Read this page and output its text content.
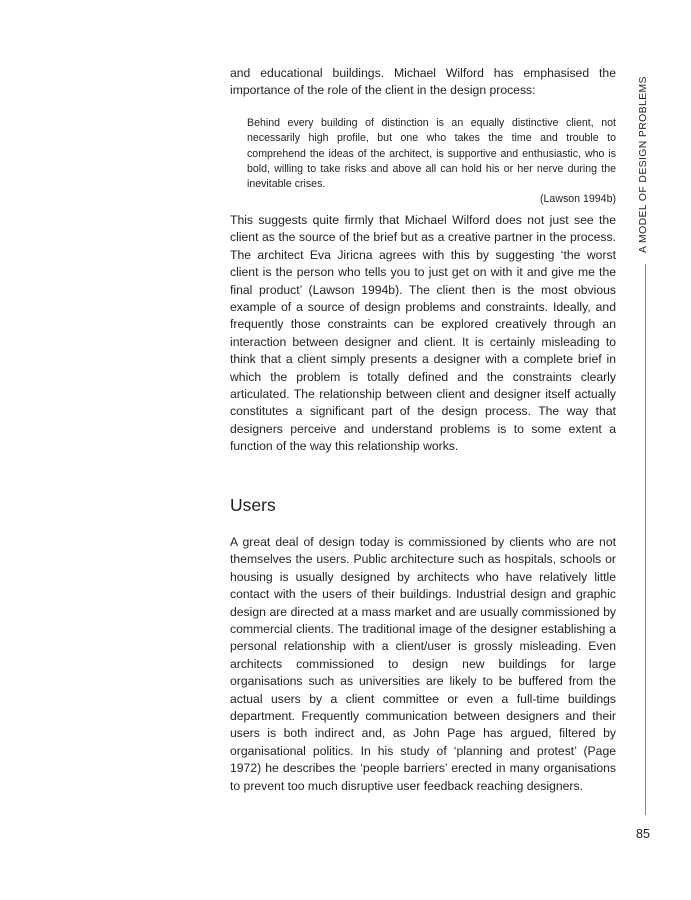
and educational buildings. Michael Wilford has emphasised the importance of the role of the client in the design process:

Behind every building of distinction is an equally distinctive client, not necessarily high profile, but one who takes the time and trouble to comprehend the ideas of the architect, is supportive and enthusiastic, who is bold, willing to take risks and above all can hold his or her nerve during the inevitable crises.

(Lawson 1994b)

This suggests quite firmly that Michael Wilford does not just see the client as the source of the brief but as a creative partner in the process. The architect Eva Jiricna agrees with this by suggesting ‘the worst client is the person who tells you to just get on with it and give me the final product’ (Lawson 1994b). The client then is the most obvious example of a source of design problems and constraints. Ideally, and frequently those constraints can be explored creatively through an interaction between designer and client. It is certainly misleading to think that a client simply presents a designer with a complete brief in which the problem is totally defined and the constraints clearly articulated. The relationship between client and designer itself actually constitutes a significant part of the design process. The way that designers perceive and understand problems is to some extent a function of the way this relationship works.

Users

A great deal of design today is commissioned by clients who are not themselves the users. Public architecture such as hospitals, schools or housing is usually designed by architects who have relatively little contact with the users of their buildings. Industrial design and graphic design are directed at a mass market and are usually commissioned by commercial clients. The traditional image of the designer establishing a personal relationship with a client/​user is grossly misleading. Even architects commissioned to design new buildings for large organisations such as universities are likely to be buffered from the actual users by a client committee or even a full-time buildings department. Frequently communication between designers and their users is both indirect and, as John Page has argued, filtered by organisational politics. In his study of ‘planning and protest’ (Page 1972) he describes the ‘people barriers’ erected in many organisations to prevent too much disruptive user feedback reaching designers.

A MODEL OF DESIGN PROBLEMS
85
